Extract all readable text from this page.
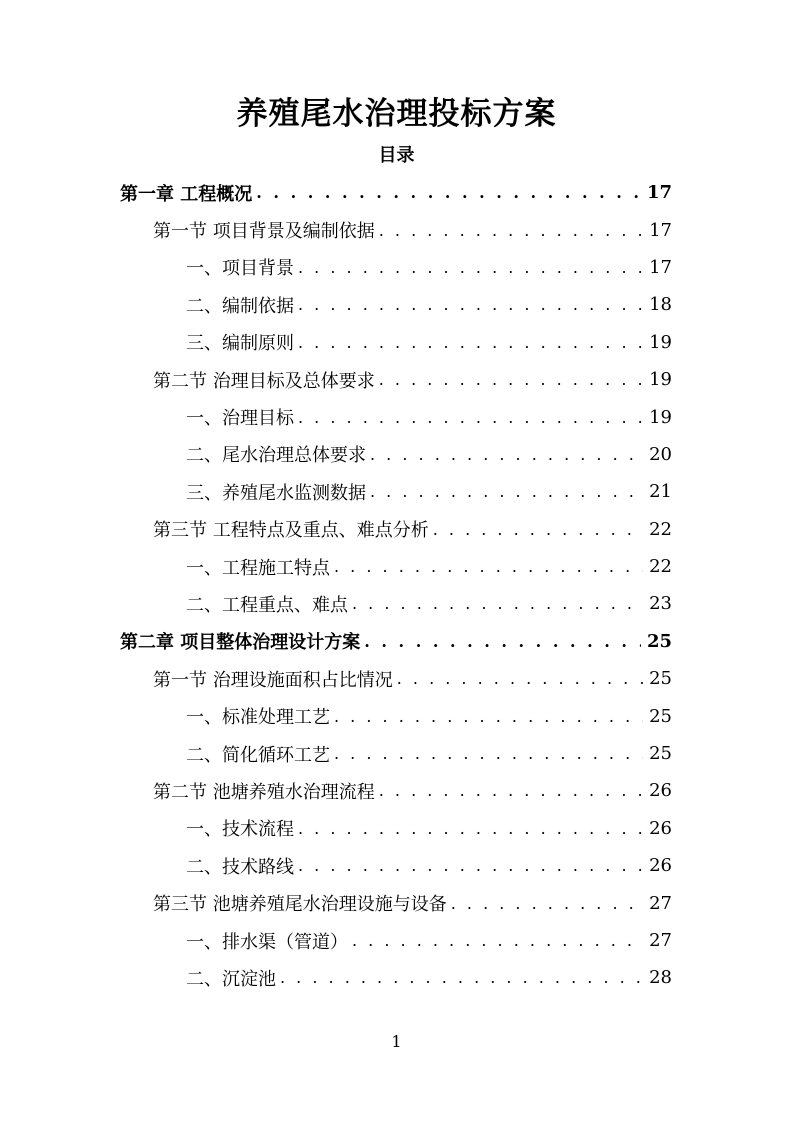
养殖尾水治理投标方案
目录
第一章 工程概况 . . .	17
第一节 项目背景及编制依据 . . .	17
一、项目背景 . . .	17
二、编制依据 . . .	18
三、编制原则 . . .	19
第二节 治理目标及总体要求 . . .	19
一、治理目标 . . .	19
二、尾水治理总体要求 . . .	20
三、养殖尾水监测数据 . . .	21
第三节 工程特点及重点、难点分析 . . .	22
一、工程施工特点 . . .	22
二、工程重点、难点 . . .	23
第二章 项目整体治理设计方案 . . .	25
第一节 治理设施面积占比情况 . . .	25
一、标准处理工艺 . . .	25
二、简化循环工艺 . . .	25
第二节 池塘养殖水治理流程 . . .	26
一、技术流程 . . .	26
二、技术路线 . . .	26
第三节 池塘养殖尾水治理设施与设备 . . .	27
一、排水渠（管道） . . .	27
二、沉淀池 . . .	28
1
